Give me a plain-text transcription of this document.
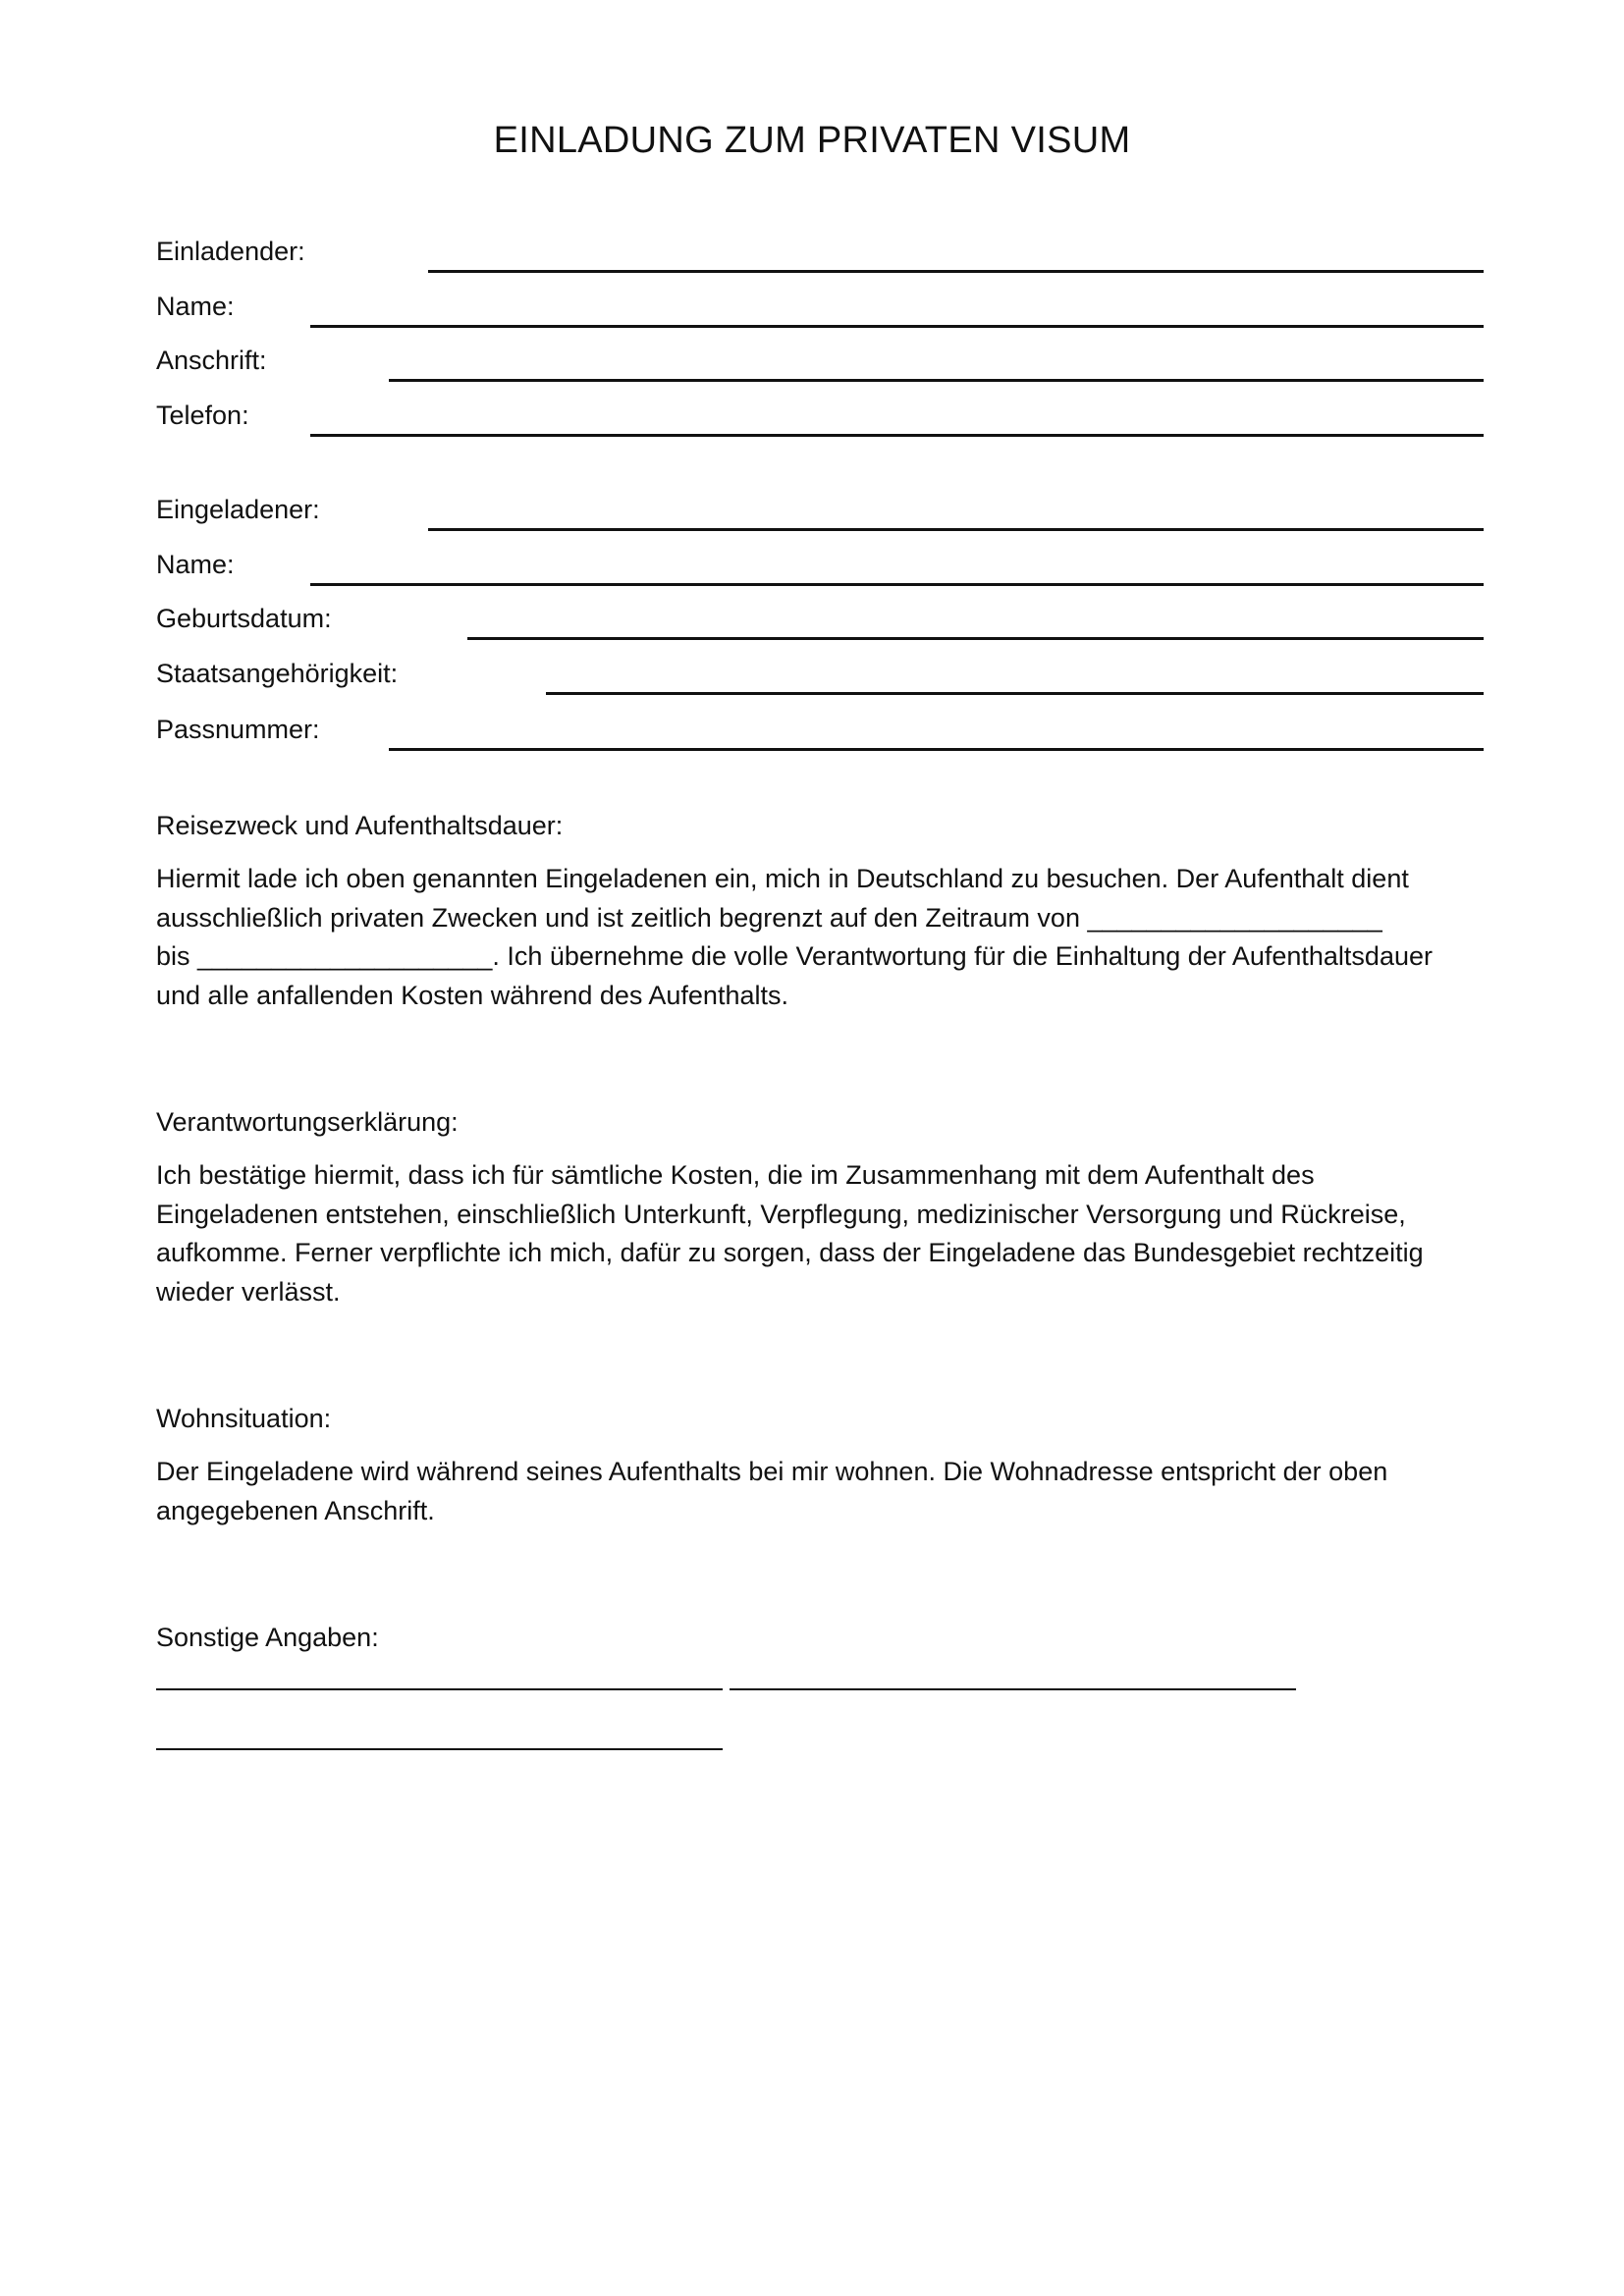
EINLADUNG ZUM PRIVATEN VISUM
Einladender:
Name:
Anschrift:
Telefon:
Eingeladener:
Name:
Geburtsdatum:
Staatsangehörigkeit:
Passnummer:

Reisezweck und Aufenthaltsdauer:

Hiermit lade ich oben genannten Eingeladenen ein, mich in Deutschland zu besuchen. Der Aufenthalt dient ausschließlich privaten Zwecken und ist zeitlich begrenzt auf den Zeitraum von ____________________
bis ____________________. Ich übernehme die volle Verantwortung für die Einhaltung der Aufenthaltsdauer und alle anfallenden Kosten während des Aufenthalts.

Verantwortungserklärung:

Ich bestätige hiermit, dass ich für sämtliche Kosten, die im Zusammenhang mit dem Aufenthalt des Eingeladenen entstehen, einschließlich Unterkunft, Verpflegung, medizinischer Versorgung und Rückreise, aufkomme. Ferner verpflichte ich mich, dafür zu sorgen, dass der Eingeladene das Bundesgebiet rechtzeitig wieder verlässt.

Wohnsituation:

Der Eingeladene wird während seines Aufenthalts bei mir wohnen. Die Wohnadresse entspricht der oben angegebenen Anschrift.

Sonstige Angaben:
